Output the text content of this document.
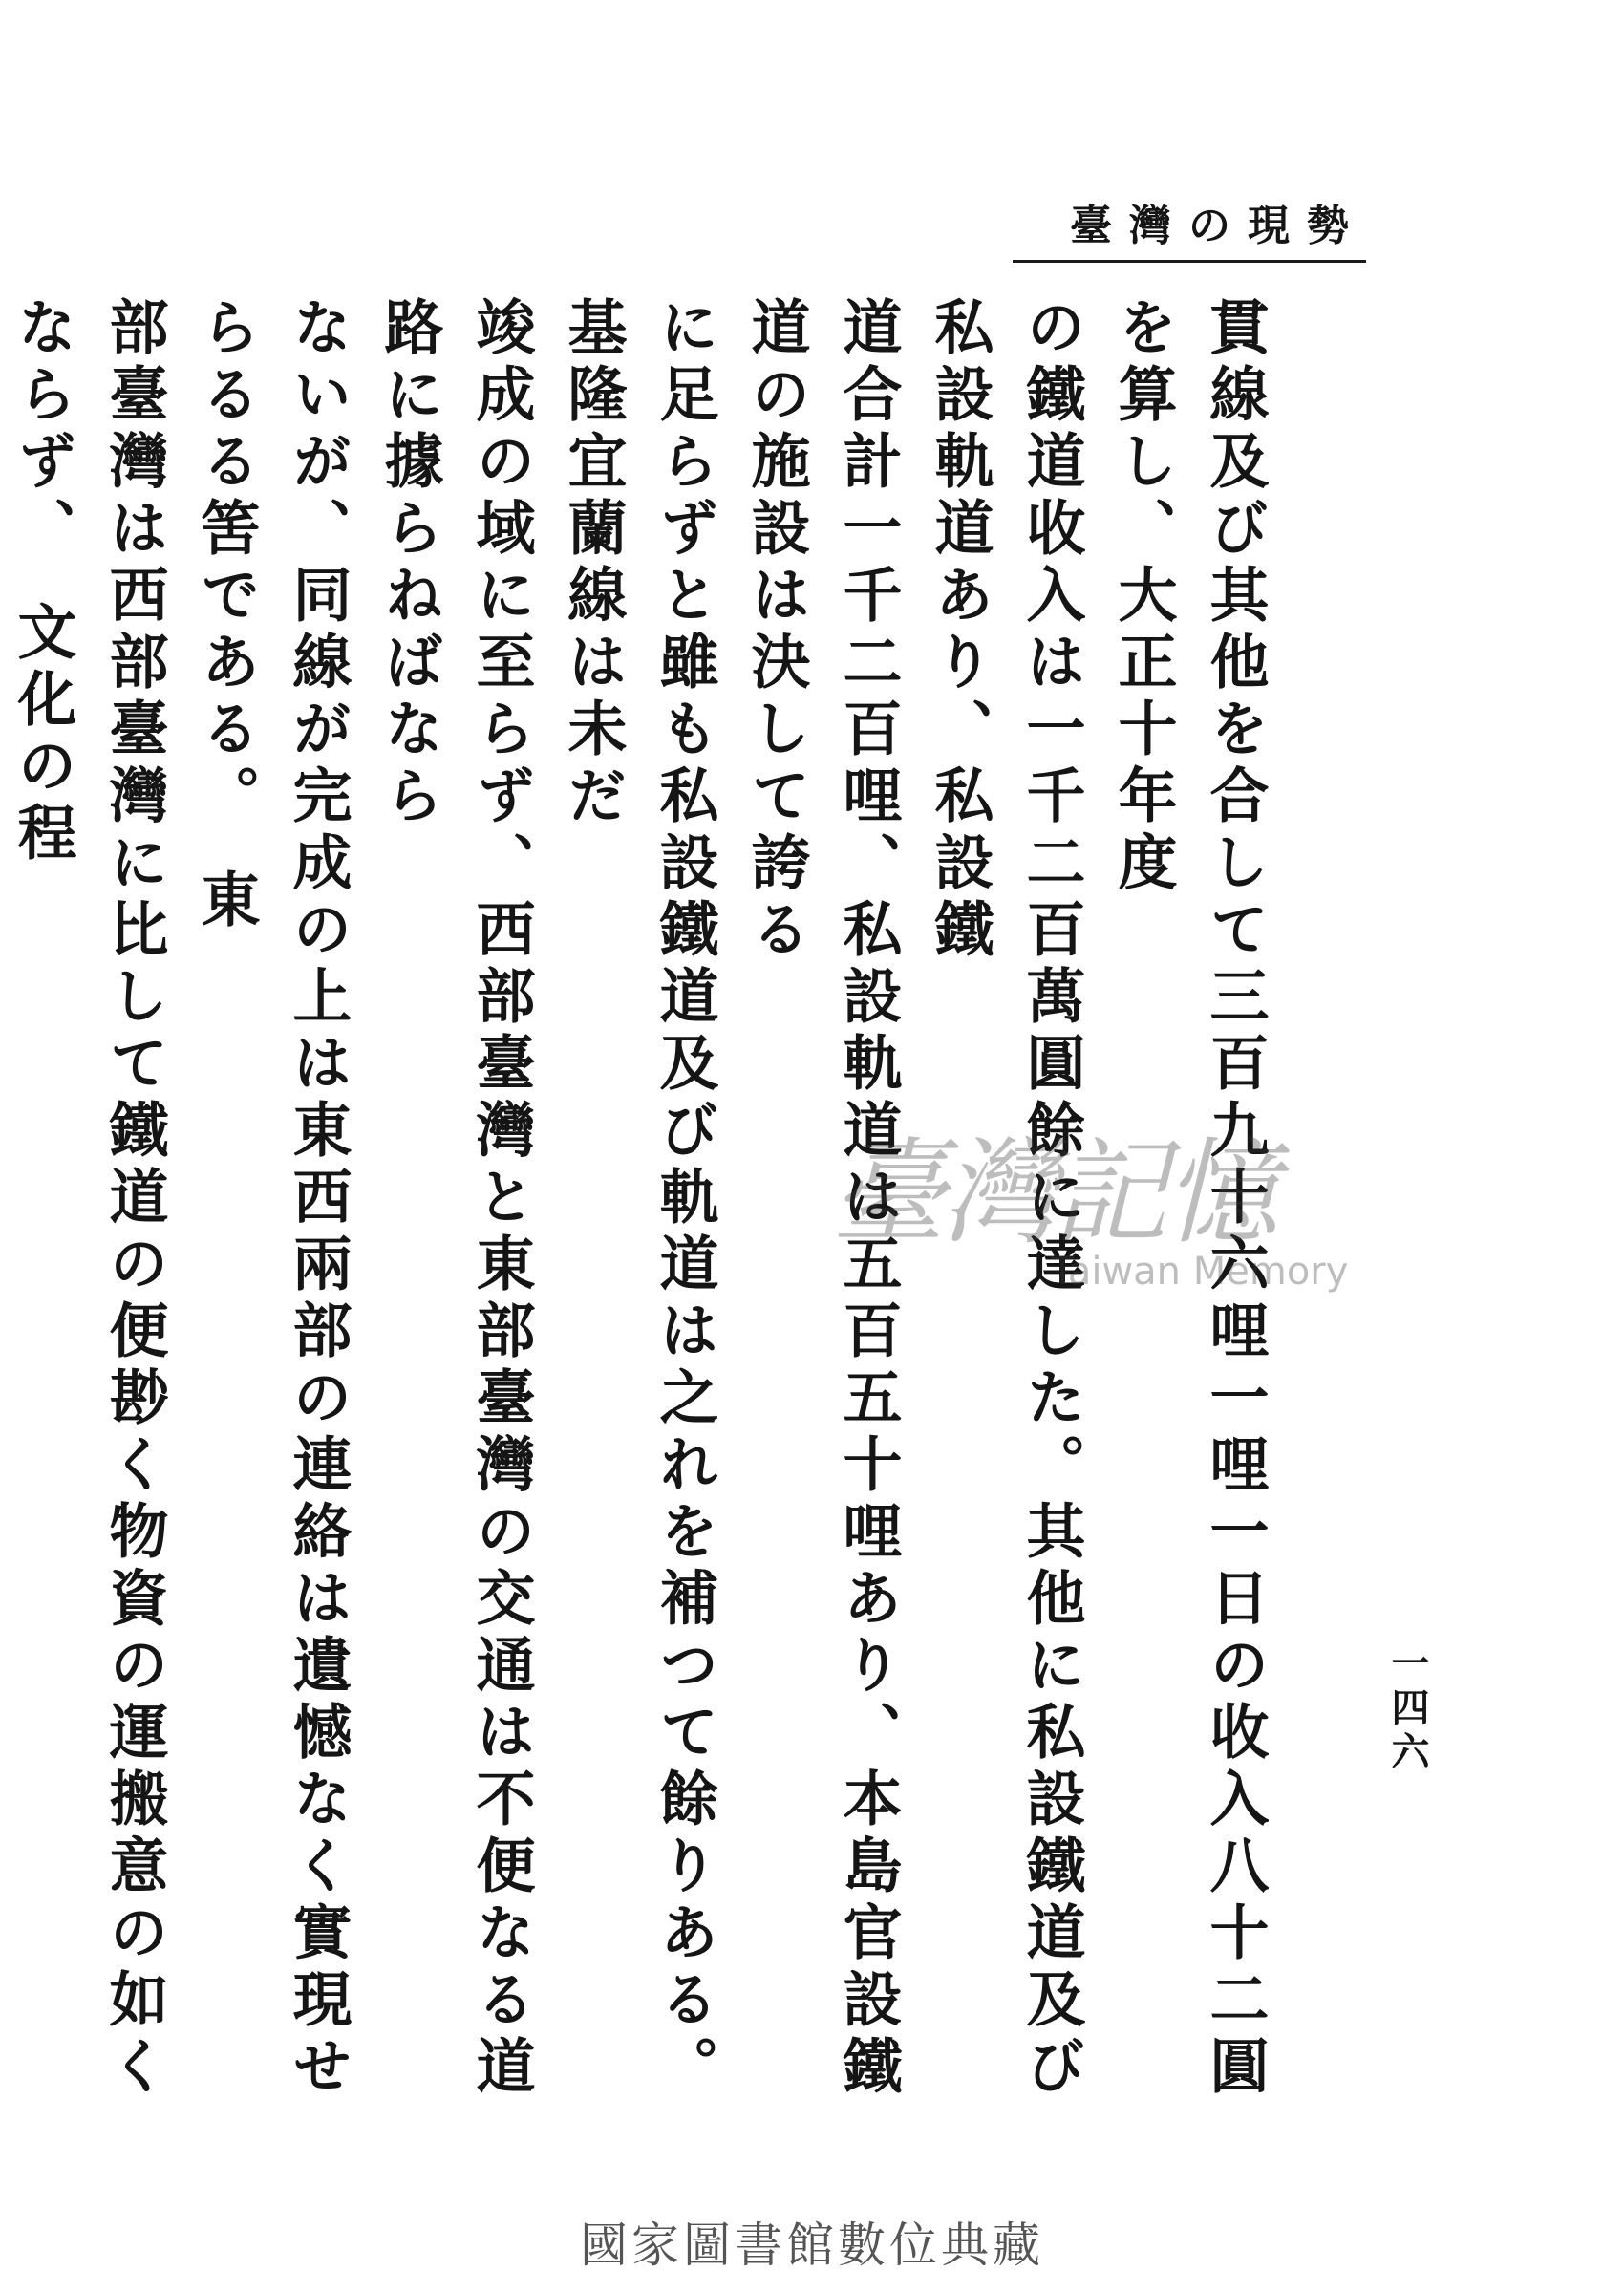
臺灣の現勢
貫線及び其他を合して三百九十六哩一哩一日の收入八十二圓を算し、大正十年度
の鐵道收入は一千二百萬圓餘に達した。其他に私設鐵道及び私設軌道あり、私設鐵
道合計一千二百哩、私設軌道は五百五十哩あり、本島官設鐵道の施設は決して誇る
に足らずと雖も私設鐵道及び軌道は之れを補つて餘りある。　基隆宜蘭線は未だ
竣成の域に至らず、西部臺灣と東部臺灣の交通は不便なる道路に據らねばなら
ないが、同線が完成の上は東西兩部の連絡は遺憾なく實現せらるる筈である。　東
部臺灣は西部臺灣に比して鐵道の便尠く物資の運搬意の如くならず、　文化の程
一四六
臺灣記憶
Taiwan Memory
國家圖書館數位典藏
